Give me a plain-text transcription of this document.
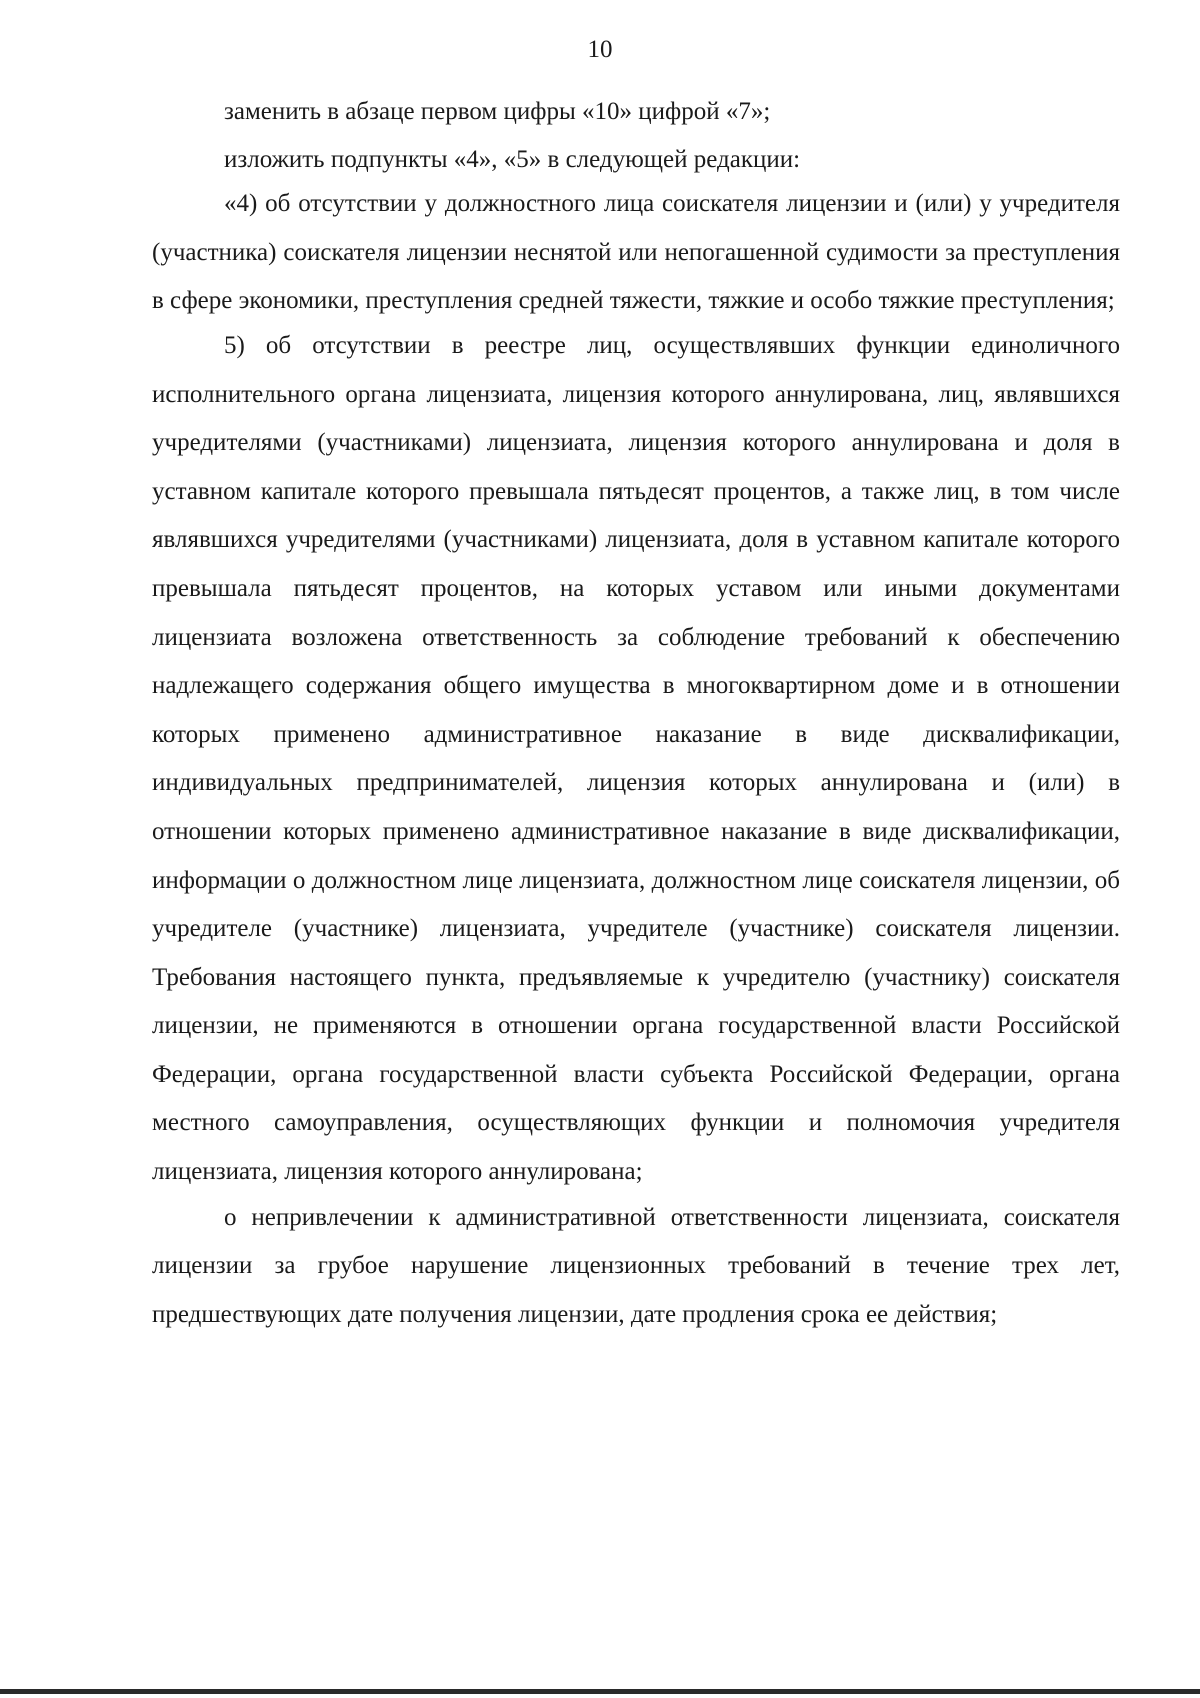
10

заменить в абзаце первом цифры «10» цифрой «7»;

изложить подпункты «4», «5» в следующей редакции:

«4) об отсутствии у должностного лица соискателя лицензии и (или) у учредителя (участника) соискателя лицензии неснятой или непогашенной судимости за преступления в сфере экономики, преступления средней тяжести, тяжкие и особо тяжкие преступления;

5) об отсутствии в реестре лиц, осуществлявших функции единоличного исполнительного органа лицензиата, лицензия которого аннулирована, лиц, являвшихся учредителями (участниками) лицензиата, лицензия которого аннулирована и доля в уставном капитале которого превышала пятьдесят процентов, а также лиц, в том числе являвшихся учредителями (участниками) лицензиата, доля в уставном капитале которого превышала пятьдесят процентов, на которых уставом или иными документами лицензиата возложена ответственность за соблюдение требований к обеспечению надлежащего содержания общего имущества в многоквартирном доме и в отношении которых применено административное наказание в виде дисквалификации, индивидуальных предпринимателей, лицензия которых аннулирована и (или) в отношении которых применено административное наказание в виде дисквалификации, информации о должностном лице лицензиата, должностном лице соискателя лицензии, об учредителе (участнике) лицензиата, учредителе (участнике) соискателя лицензии. Требования настоящего пункта, предъявляемые к учредителю (участнику) соискателя лицензии, не применяются в отношении органа государственной власти Российской Федерации, органа государственной власти субъекта Российской Федерации, органа местного самоуправления, осуществляющих функции и полномочия учредителя лицензиата, лицензия которого аннулирована;

о непривлечении к административной ответственности лицензиата, соискателя лицензии за грубое нарушение лицензионных требований в течение трех лет, предшествующих дате получения лицензии, дате продления срока ее действия;
